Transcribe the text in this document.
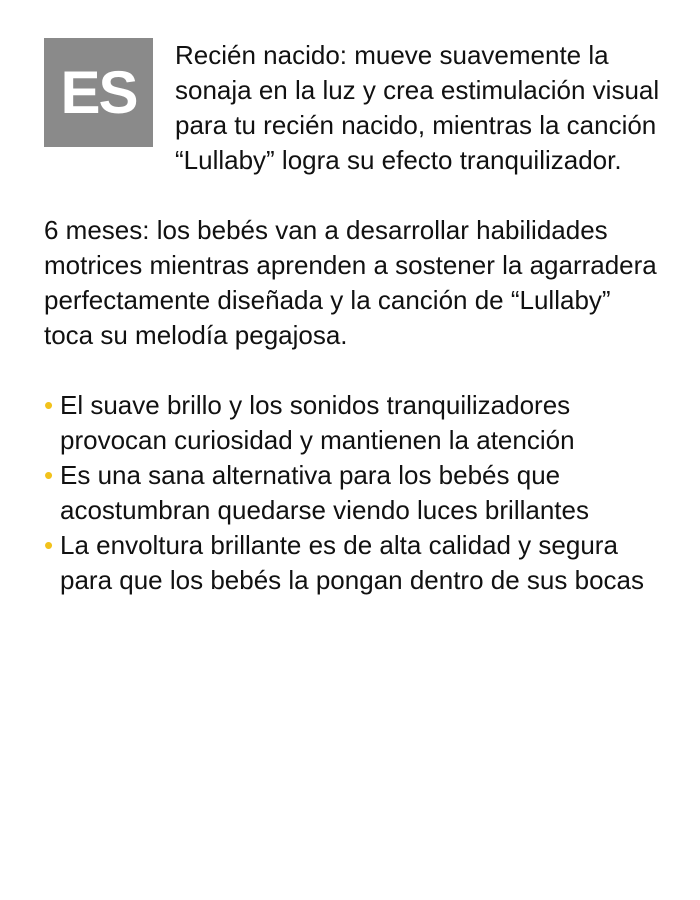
ES

Recién nacido: mueve suavemente la sonaja en la luz y crea estimulación visual para tu recién nacido, mientras la canción “Lullaby” logra su efecto tranquilizador.

6 meses: los bebés van a desarrollar habilidades motrices mientras aprenden a sostener la agarradera perfectamente diseñada y la canción de “Lullaby” toca su melodía pegajosa.

• El suave brillo y los sonidos tranquilizadores provocan curiosidad y mantienen la atención
• Es una sana alternativa para los bebés que acostumbran quedarse viendo luces brillantes
• La envoltura brillante es de alta calidad y segura para que los bebés la pongan dentro de sus bocas
